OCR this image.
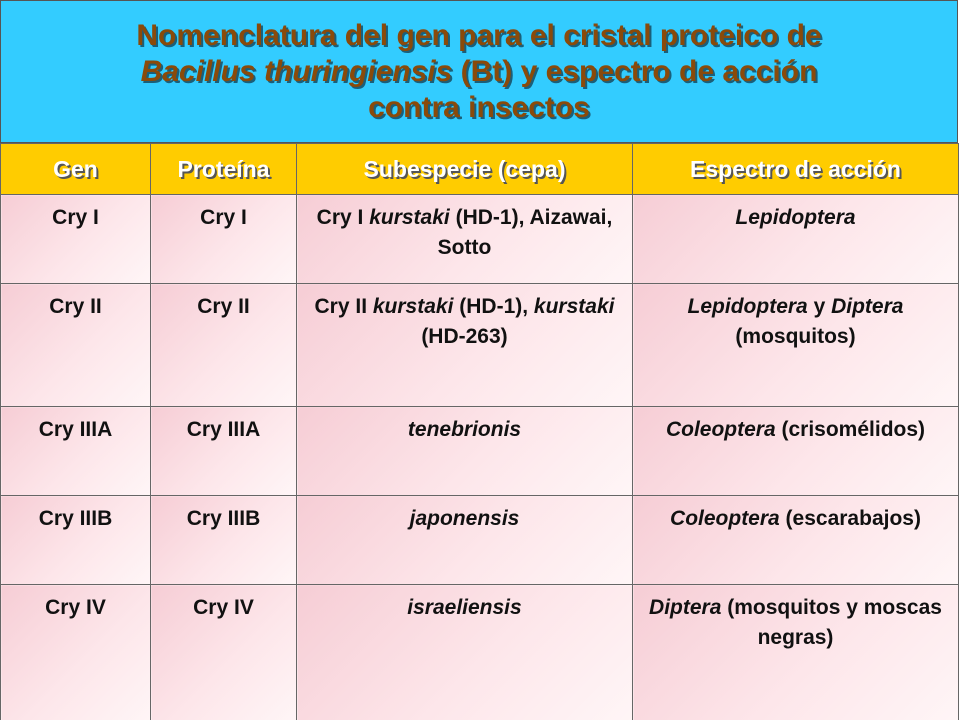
Nomenclatura del gen para el cristal proteico de
Bacillus thuringiensis (Bt) y espectro de acción
contra insectos
Gen	Proteína	Subespecie (cepa)	Espectro de acción
Cry I	Cry I	Cry I kurstaki (HD-1), Aizawai, Sotto	Lepidoptera
Cry II	Cry II	Cry II kurstaki (HD-1), kurstaki (HD-263)	Lepidoptera y Diptera (mosquitos)
Cry IIIA	Cry IIIA	tenebrionis	Coleoptera (crisomélidos)
Cry IIIB	Cry IIIB	japonensis	Coleoptera (escarabajos)
Cry IV	Cry IV	israeliensis	Diptera (mosquitos y moscas negras)
